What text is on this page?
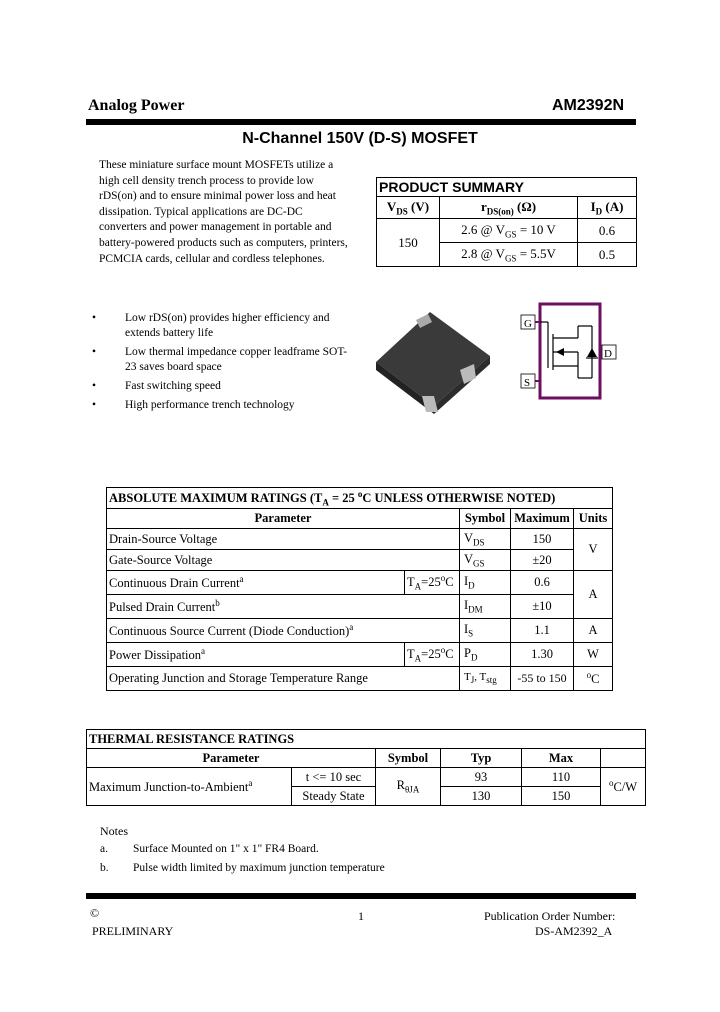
Analog Power	AM2392N
N-Channel 150V (D-S) MOSFET
These miniature surface mount MOSFETs utilize a high cell density trench process to provide low rDS(on) and to ensure minimal power loss and heat dissipation. Typical applications are DC-DC converters and power management in portable and battery-powered products such as computers, printers, PCMCIA cards, cellular and cordless telephones.
PRODUCT SUMMARY		
$V_{DS}$ (V)	$r_{DS(on)}$ (Ω)	$I_D$ (A)
150	2.6 @ $V_{GS} = 10$ V	0.6
	2.8 @ $V_{GS} = 5.5V$	0.5
•	Low rDS(on) provides higher efficiency and extends battery life
•	Low thermal impedance copper leadframe SOT-23 saves board space
•	Fast switching speed
•	High performance trench technology
G
S
D
ABSOLUTE MAXIMUM RATINGS ($T_A = 25$ $^o$C UNLESS OTHERWISE NOTED)				
Parameter		Symbol	Maximum	Units
Drain-Source Voltage		$V_{DS}$	150	V
Gate-Source Voltage		$V_{GS}$	±20	
Continuous Drain Current$^a$	$T_A=25^oC$	$I_D$	0.6	A
Pulsed Drain Current$^b$		$I_{DM}$	±10	
Continuous Source Current (Diode Conduction)$^a$		$I_S$	1.1	A
Power Dissipation$^a$	$T_A=25^oC$	$P_D$	1.30	W
Operating Junction and Storage Temperature Range		$T_J$, $T_{stg}$	-55 to 150	$^o$C
THERMAL RESISTANCE RATINGS					
Parameter		Symbol	Typ	Max	
Maximum Junction-to-Ambient$^a$	t <= 10 sec	$R_{\theta JA}$	93	110	$^o$C/W
	Steady State		130	150	
Notes
a. Surface Mounted on 1" x 1" FR4 Board.
b. Pulse width limited by maximum junction temperature
©
PRELIMINARY
1	Publication Order Number:
DS-AM2392_A
